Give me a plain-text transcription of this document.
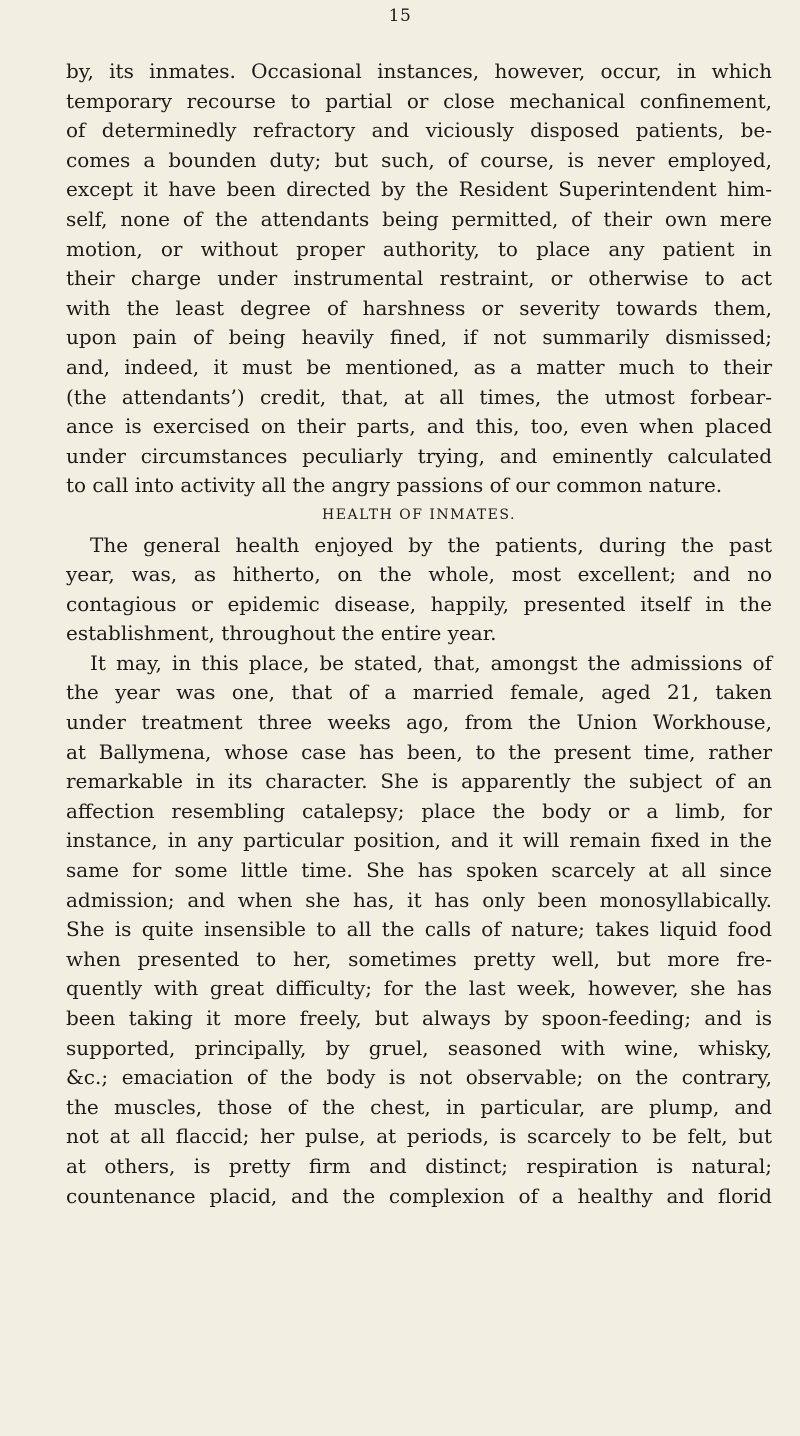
15
by, its inmates. Occasional instances, however, occur, in which
temporary recourse to partial or close mechanical confinement,
of determinedly refractory and viciously disposed patients, be-
comes a bounden duty; but such, of course, is never employed,
except it have been directed by the Resident Superintendent him-
self, none of the attendants being permitted, of their own mere
motion, or without proper authority, to place any patient in
their charge under instrumental restraint, or otherwise to act
with the least degree of harshness or severity towards them,
upon pain of being heavily fined, if not summarily dismissed;
and, indeed, it must be mentioned, as a matter much to their
(the attendants’) credit, that, at all times, the utmost forbear-
ance is exercised on their parts, and this, too, even when placed
under circumstances peculiarly trying, and eminently calculated
to call into activity all the angry passions of our common nature.
HEALTH OF INMATES.
The general health enjoyed by the patients, during the past
year, was, as hitherto, on the whole, most excellent; and no
contagious or epidemic disease, happily, presented itself in the
establishment, throughout the entire year.
It may, in this place, be stated, that, amongst the admissions of
the year was one, that of a married female, aged 21, taken
under treatment three weeks ago, from the Union Workhouse,
at Ballymena, whose case has been, to the present time, rather
remarkable in its character. She is apparently the subject of an
affection resembling catalepsy; place the body or a limb, for
instance, in any particular position, and it will remain fixed in the
same for some little time. She has spoken scarcely at all since
admission; and when she has, it has only been monosyllabically.
She is quite insensible to all the calls of nature; takes liquid food
when presented to her, sometimes pretty well, but more fre-
quently with great difficulty; for the last week, however, she has
been taking it more freely, but always by spoon-feeding; and is
supported, principally, by gruel, seasoned with wine, whisky,
&c.; emaciation of the body is not observable; on the contrary,
the muscles, those of the chest, in particular, are plump, and
not at all flaccid; her pulse, at periods, is scarcely to be felt, but
at others, is pretty firm and distinct; respiration is natural;
countenance placid, and the complexion of a healthy and florid
